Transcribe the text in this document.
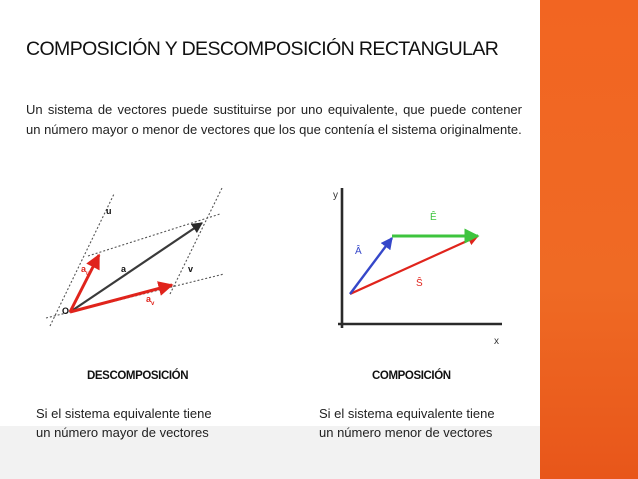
COMPOSICIÓN Y DESCOMPOSICIÓN RECTANGULAR
Un sistema de vectores puede sustituirse por uno equivalente, que puede contener un número mayor o menor de vectores que los que contenía el sistema originalmente.
u
v
a
$a_u$
$a_v$
O
y
x
Â
Ê
Ŝ
DESCOMPOSICIÓN	COMPOSICIÓN
Si el sistema equivalente tiene
un número mayor de vectores
Si el sistema equivalente tiene
un número menor de vectores
